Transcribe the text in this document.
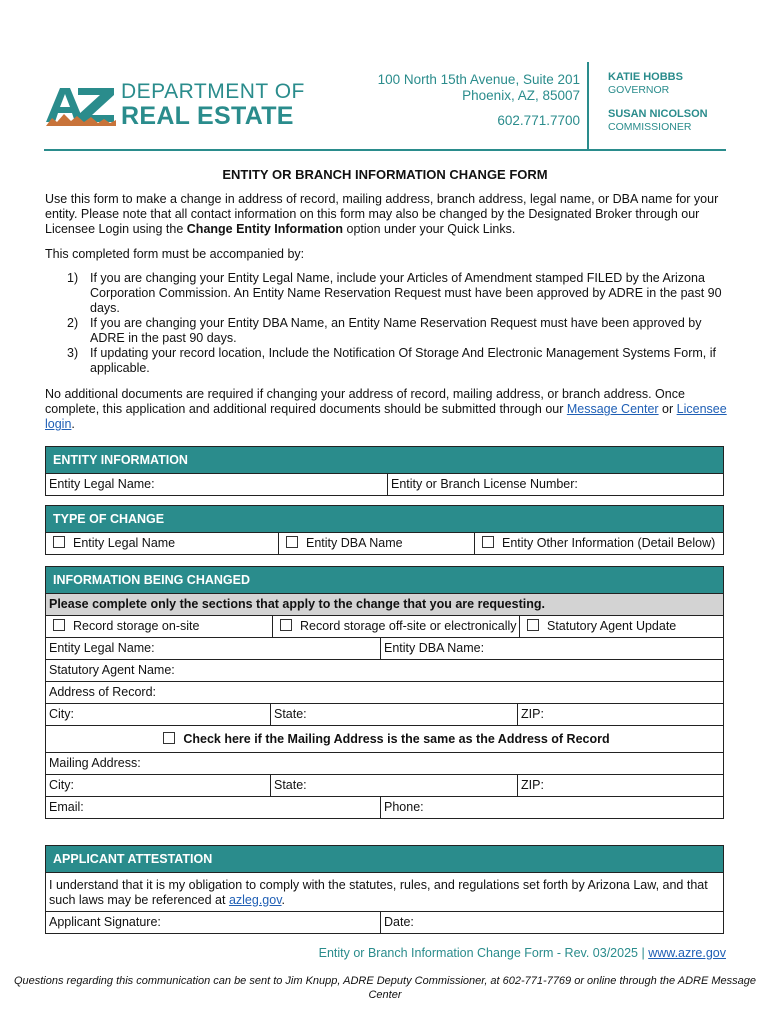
DEPARTMENT OF
REAL ESTATE
100 North 15th Avenue, Suite 201
Phoenix, AZ, 85007
602.771.7700
KATIE HOBBS
GOVERNOR
SUSAN NICOLSON
COMMISSIONER
ENTITY OR BRANCH INFORMATION CHANGE FORM
Use this form to make a change in address of record, mailing address, branch address, legal name, or DBA name for your entity. Please note that all contact information on this form may also be changed by the Designated Broker through our Licensee Login using the Change Entity Information option under your Quick Links.
This completed form must be accompanied by:
1) If you are changing your Entity Legal Name, include your Articles of Amendment stamped FILED by the Arizona Corporation Commission. An Entity Name Reservation Request must have been approved by ADRE in the past 90 days.
2) If you are changing your Entity DBA Name, an Entity Name Reservation Request must have been approved by ADRE in the past 90 days.
3) If updating your record location, Include the Notification Of Storage And Electronic Management Systems Form, if applicable.
No additional documents are required if changing your address of record, mailing address, or branch address. Once complete, this application and additional required documents should be submitted through our Message Center or Licensee login.
ENTITY INFORMATION
Entity Legal Name:	Entity or Branch License Number:
TYPE OF CHANGE
Entity Legal Name	Entity DBA Name	Entity Other Information (Detail Below)
INFORMATION BEING CHANGED
Please complete only the sections that apply to the change that you are requesting.
Record storage on-site	Record storage off-site or electronically	Statutory Agent Update
Entity Legal Name:	Entity DBA Name:
Statutory Agent Name:
Address of Record:
City:	State:	ZIP:
Check here if the Mailing Address is the same as the Address of Record
Mailing Address:
City:	State:	ZIP:
Email:	Phone:
APPLICANT ATTESTATION
I understand that it is my obligation to comply with the statutes, rules, and regulations set forth by Arizona Law, and that such laws may be referenced at azleg.gov.
Applicant Signature:	Date:
Entity or Branch Information Change Form - Rev. 03/2025 | www.azre.gov
Questions regarding this communication can be sent to Jim Knupp, ADRE Deputy Commissioner, at 602-771-7769 or online through the ADRE Message Center
